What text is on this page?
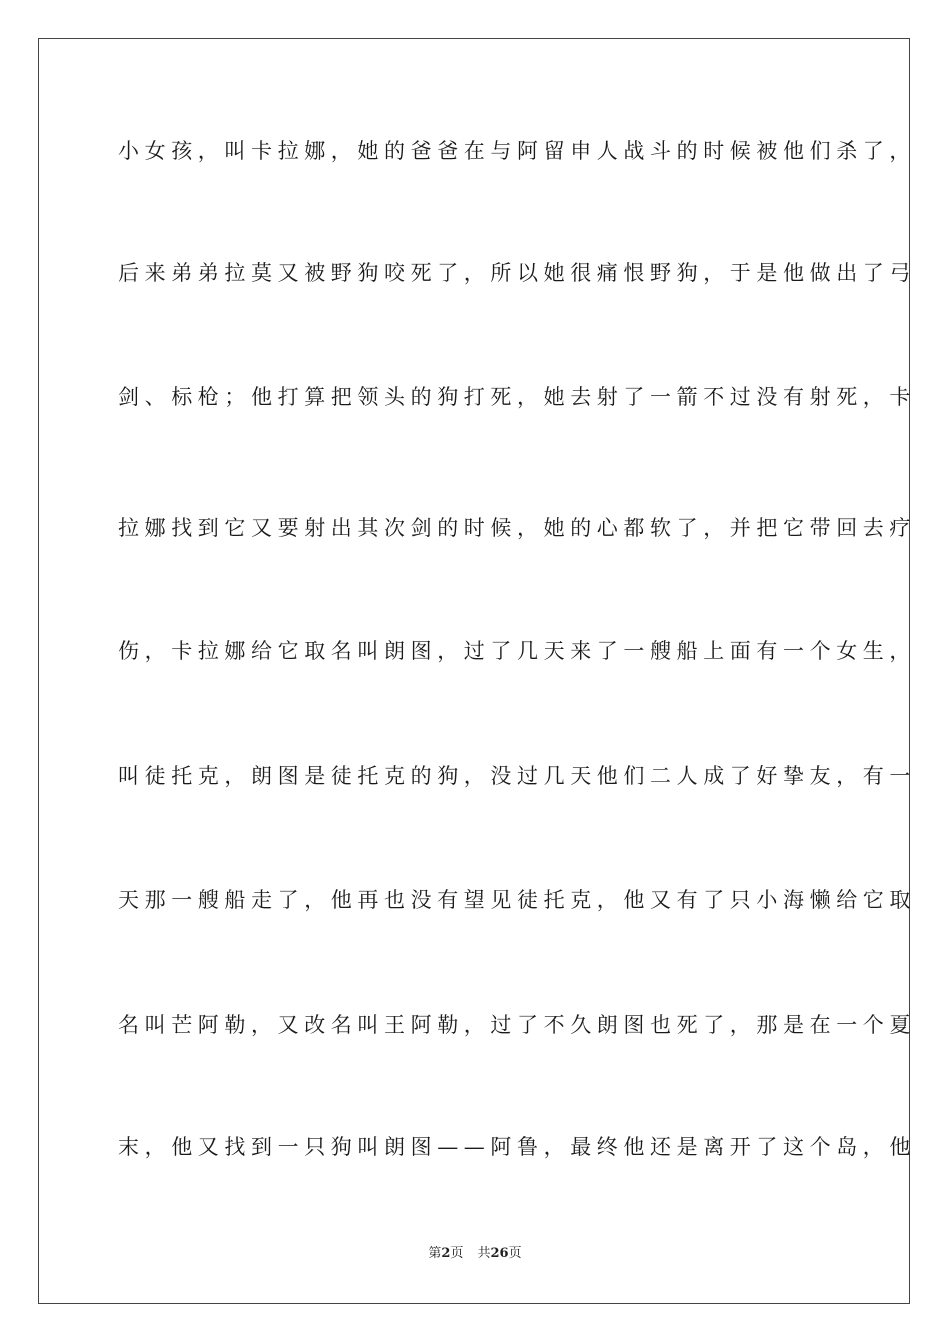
小女孩，叫卡拉娜，她的爸爸在与阿留申人战斗的时候被他们杀了，
后来弟弟拉莫又被野狗咬死了，所以她很痛恨野狗，于是他做出了弓
剑、标枪；他打算把领头的狗打死，她去射了一箭不过没有射死，卡
拉娜找到它又要射出其次剑的时候，她的心都软了，并把它带回去疗
伤，卡拉娜给它取名叫朗图，过了几天来了一艘船上面有一个女生，
叫徒托克，朗图是徒托克的狗，没过几天他们二人成了好挚友，有一
天那一艘船走了，他再也没有望见徒托克，他又有了只小海懒给它取
名叫芒阿勒，又改名叫王阿勒，过了不久朗图也死了，那是在一个夏
末，他又找到一只狗叫朗图——阿鲁，最终他还是离开了这个岛，他
第2页 共26页
